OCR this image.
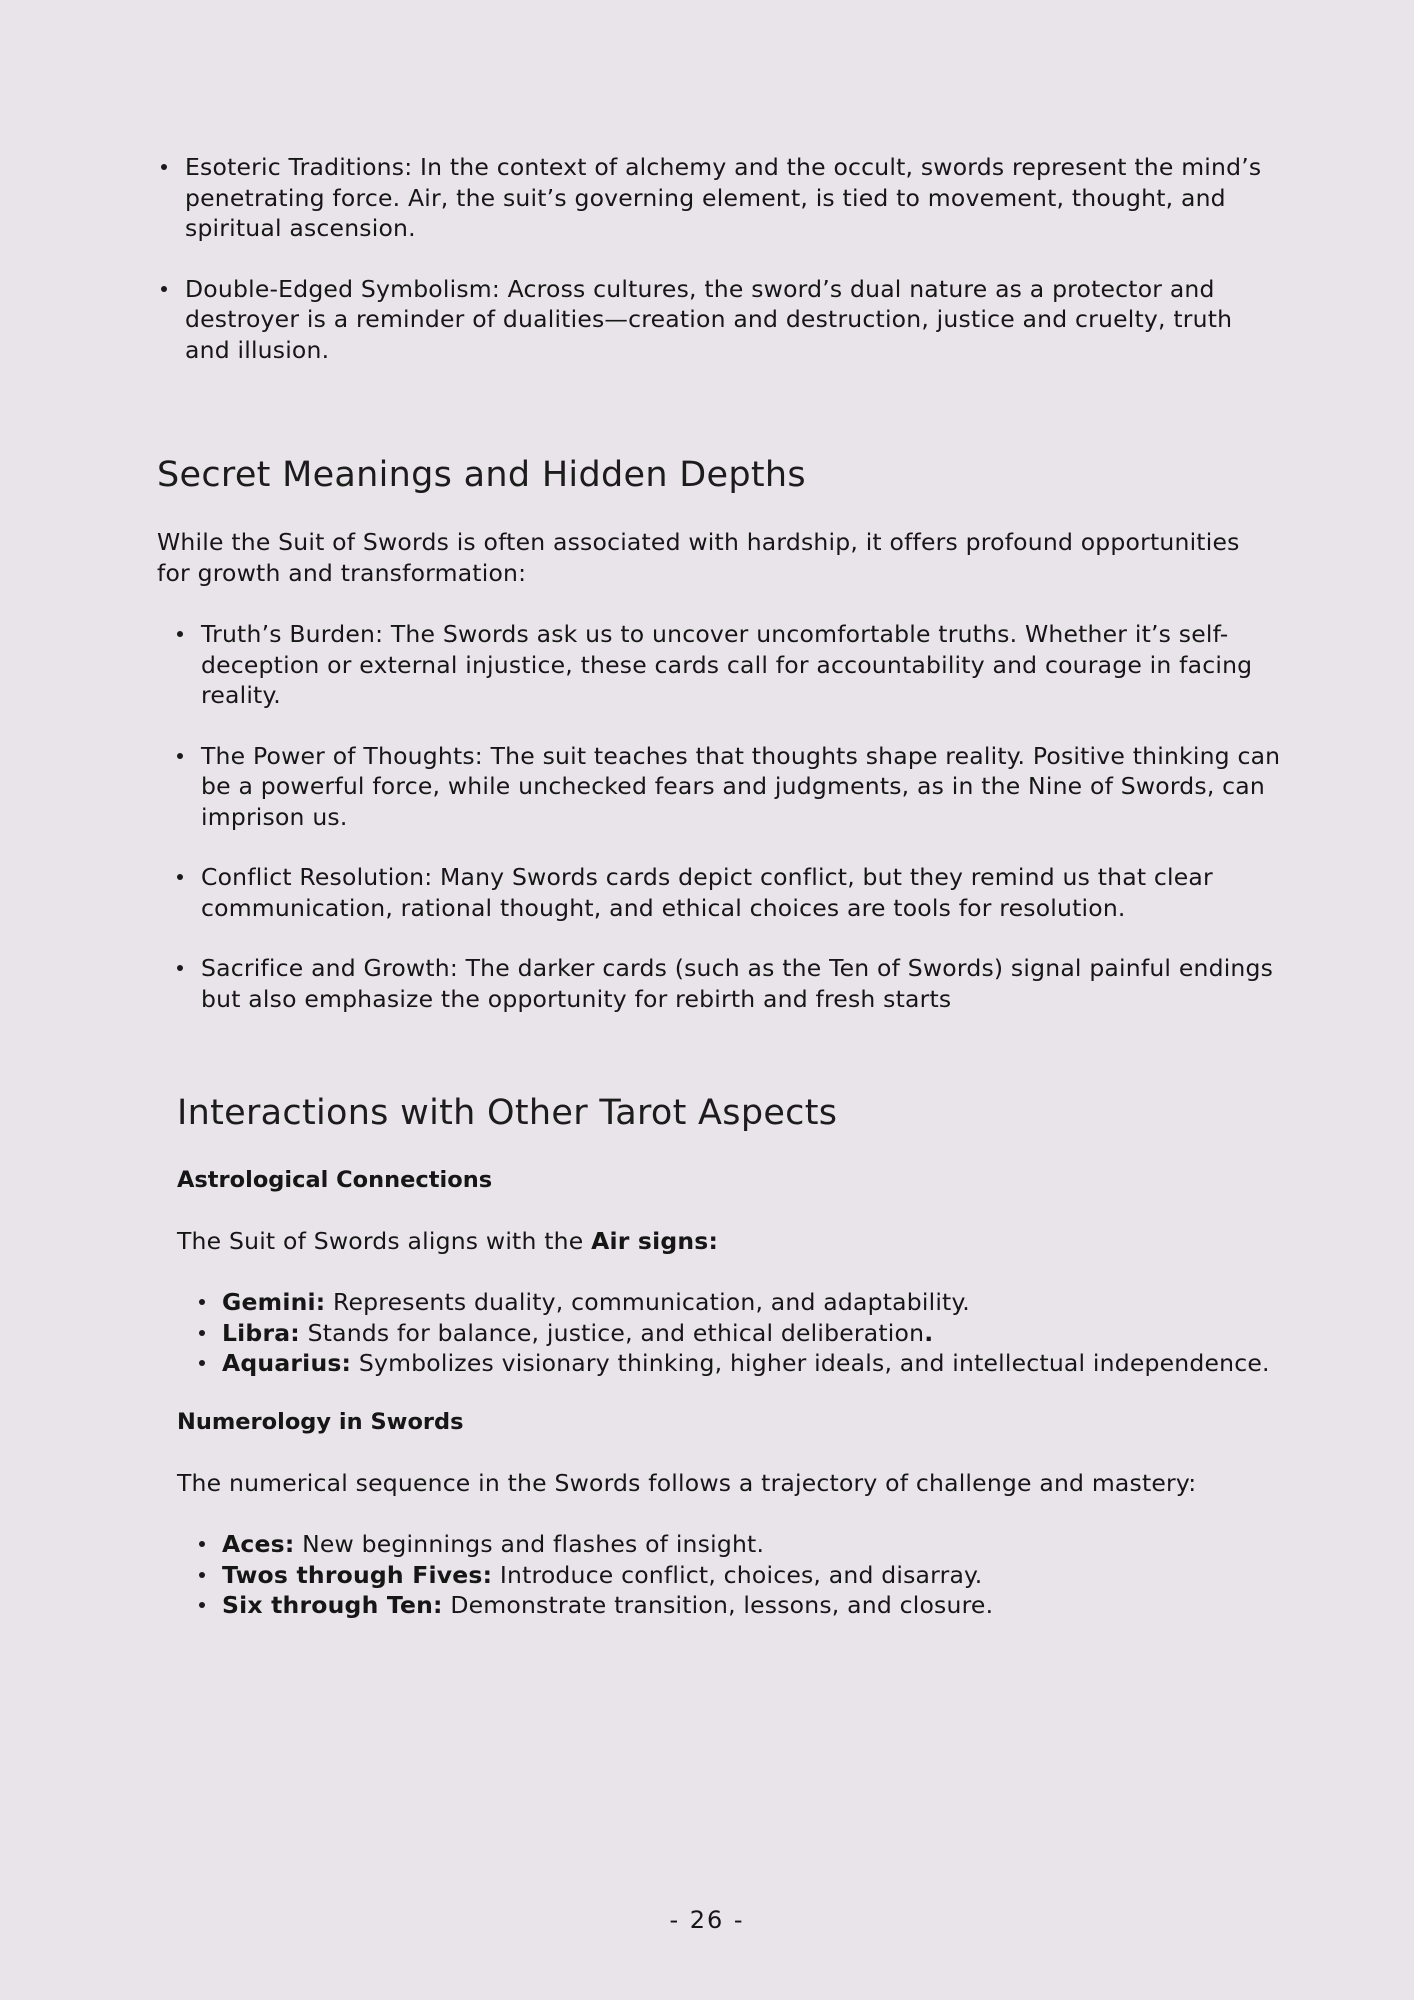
Esoteric Traditions: In the context of alchemy and the occult, swords represent the mind’s penetrating force. Air, the suit’s governing element, is tied to movement, thought, and spiritual ascension.
Double-Edged Symbolism: Across cultures, the sword’s dual nature as a protector and destroyer is a reminder of dualities—creation and destruction, justice and cruelty, truth and illusion.
Secret Meanings and Hidden Depths

While the Suit of Swords is often associated with hardship, it offers profound opportunities for growth and transformation:

Truth’s Burden: The Swords ask us to uncover uncomfortable truths. Whether it’s self-deception or external injustice, these cards call for accountability and courage in facing reality.
The Power of Thoughts: The suit teaches that thoughts shape reality. Positive thinking can be a powerful force, while unchecked fears and judgments, as in the Nine of Swords, can imprison us.
Conflict Resolution: Many Swords cards depict conflict, but they remind us that clear communication, rational thought, and ethical choices are tools for resolution.
Sacrifice and Growth: The darker cards (such as the Ten of Swords) signal painful endings but also emphasize the opportunity for rebirth and fresh starts
Interactions with Other Tarot Aspects

Astrological Connections

The Suit of Swords aligns with the Air signs:

Gemini: Represents duality, communication, and adaptability.
Libra: Stands for balance, justice, and ethical deliberation.
Aquarius: Symbolizes visionary thinking, higher ideals, and intellectual independence.

Numerology in Swords

The numerical sequence in the Swords follows a trajectory of challenge and mastery:

Aces: New beginnings and flashes of insight.
Twos through Fives: Introduce conflict, choices, and disarray.
Six through Ten: Demonstrate transition, lessons, and closure.
- 26 -
